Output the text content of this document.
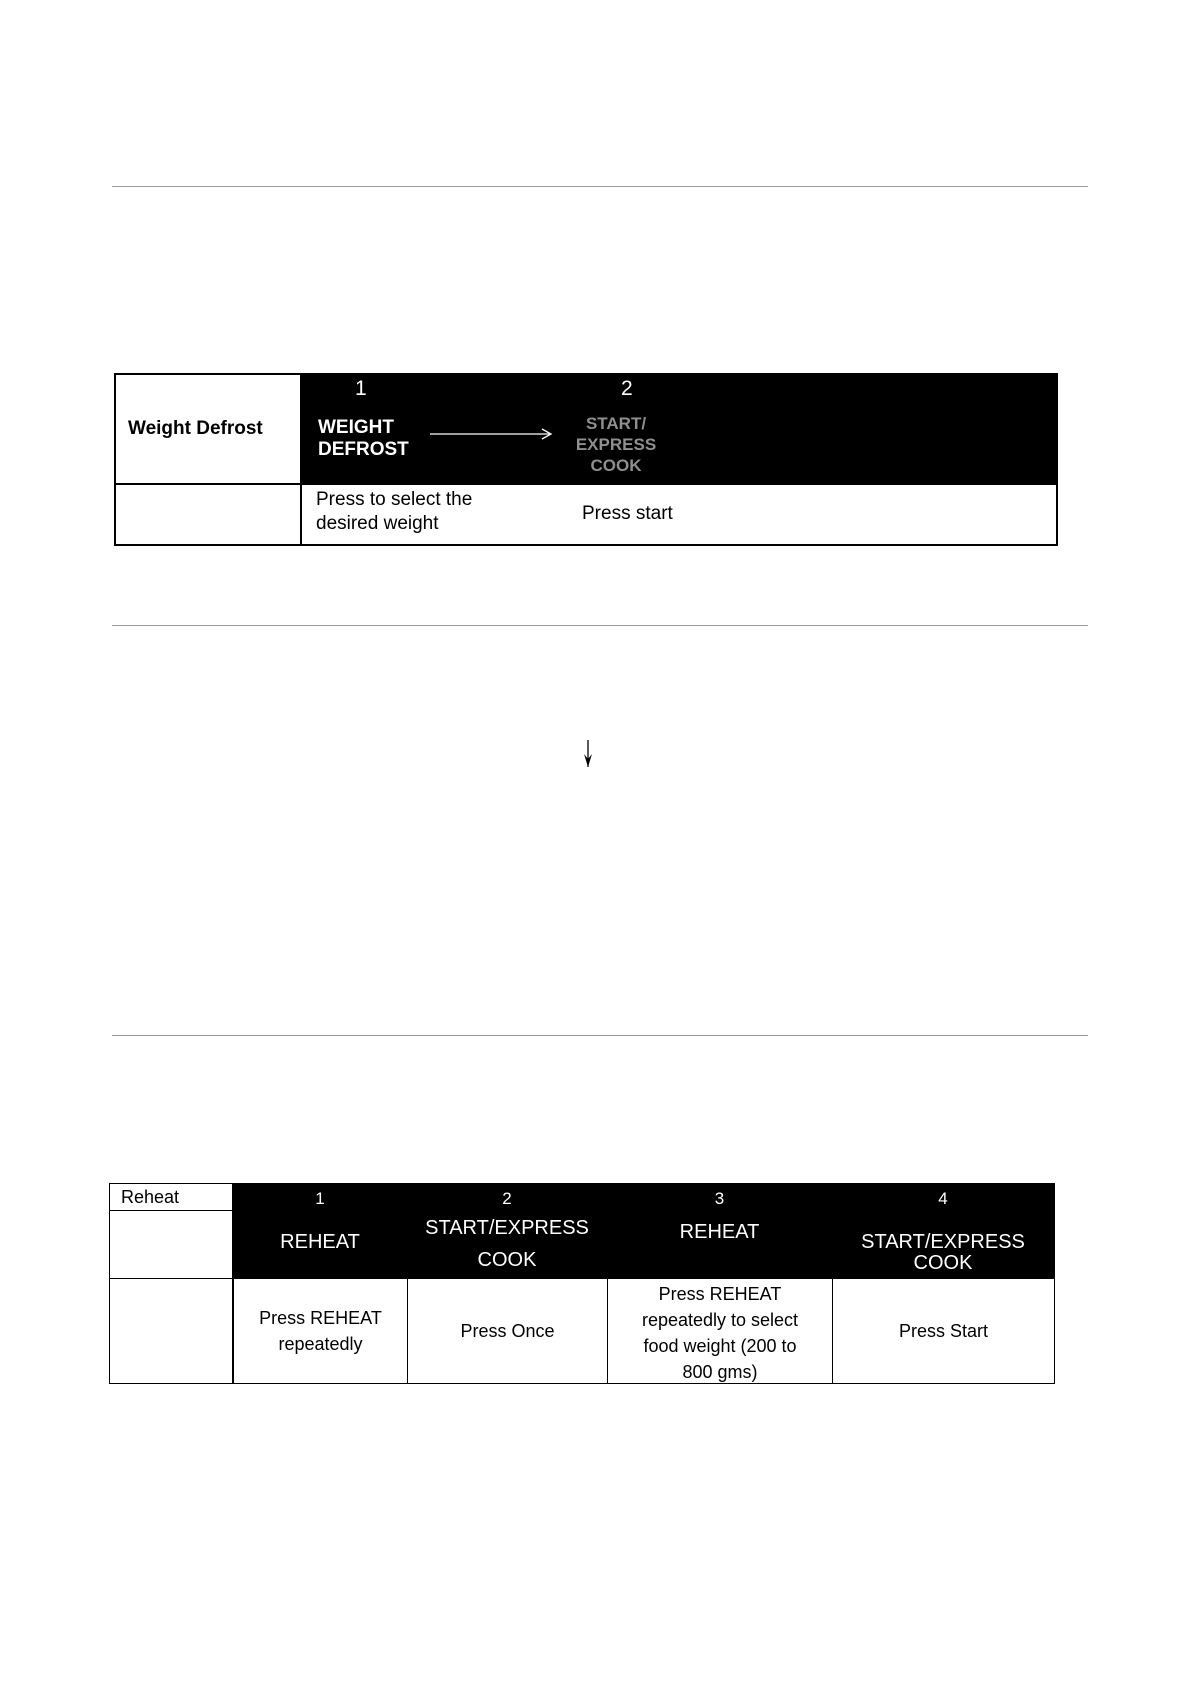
Weight Defrost
1
WEIGHT
DEFROST
2
START/
EXPRESS
COOK
Press to select the
desired weight	Press start
Reheat	1
REHEAT
2
START/EXPRESS
COOK
3
REHEAT
4
START/EXPRESS
COOK
Press REHEAT repeatedly
Press Once
Press REHEAT repeatedly to select food weight (200 to 800 gms)
Press Start
